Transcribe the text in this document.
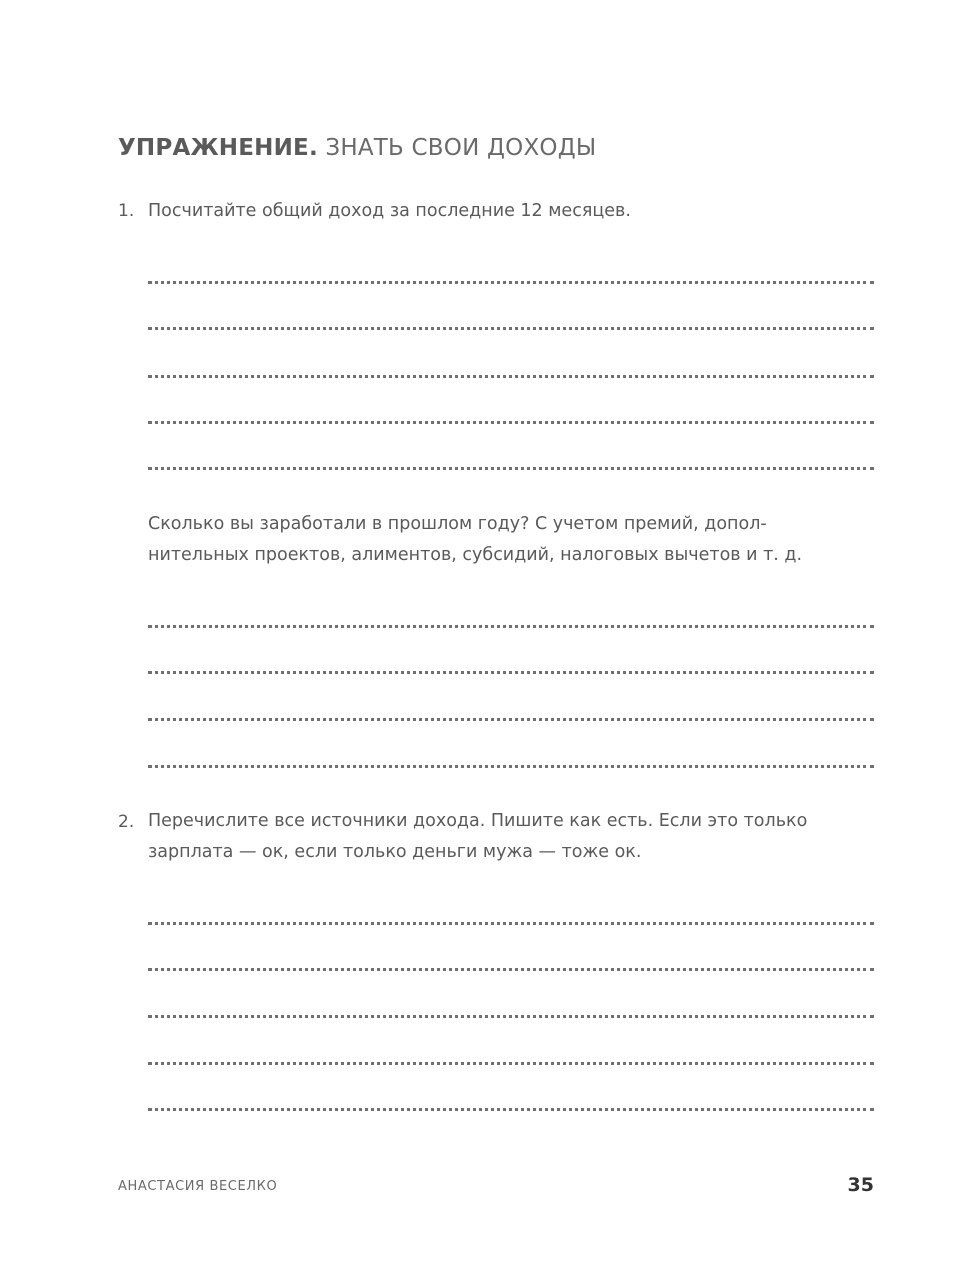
УПРАЖНЕНИЕ. ЗНАТЬ СВОИ ДОХОДЫ
1. Посчитайте общий доход за последние 12 месяцев.
Сколько вы заработали в прошлом году? С учетом премий, допол-
нительных проектов, алиментов, субсидий, налоговых вычетов и т. д.
2. Перечислите все источники дохода. Пишите как есть. Если это только
зарплата — ок, если только деньги мужа — тоже ок.
АНАСТАСИЯ ВЕСЕЛКО	35
